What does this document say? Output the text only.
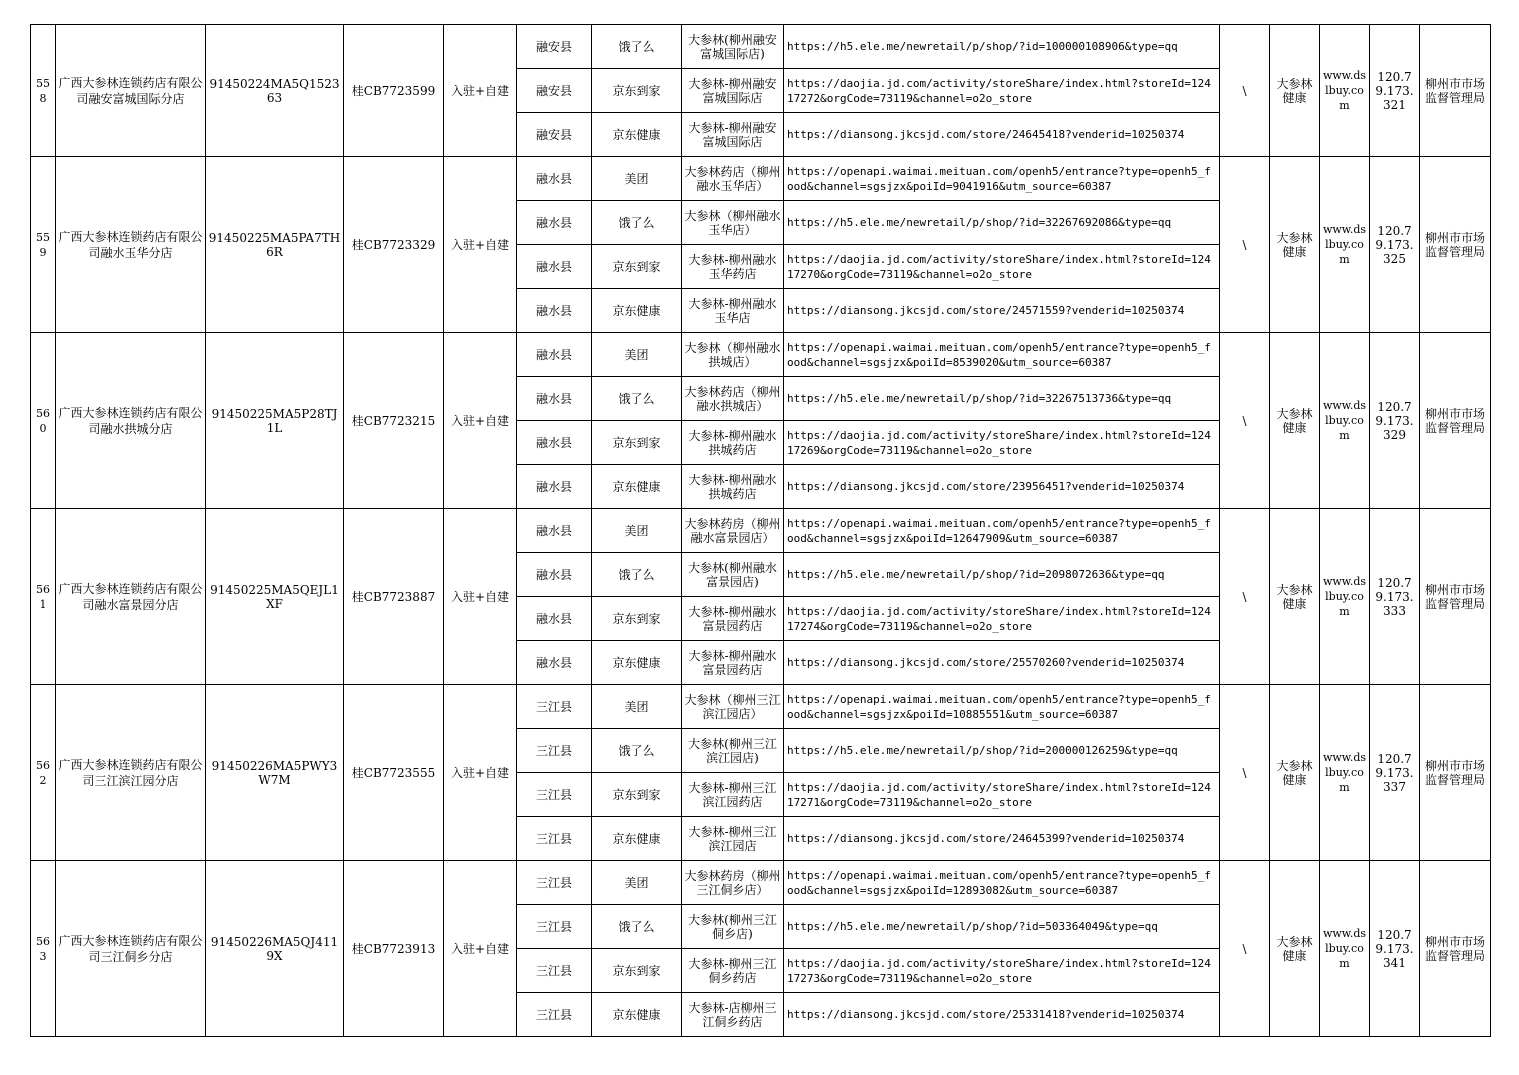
558	广西大参林连锁药店有限公司融安富城国际分店	91450224MA5Q152363	桂CB7723599	入驻+自建	融安县	饿了么	大参林(柳州融安富城国际店)	https://h5.ele.me/newretail/p/shop/?id=100000108906&type=qq	\	大参林健康	www.dslbuy.com	120.79.173.321	柳州市市场监督管理局
					融安县	京东到家	大参林-柳州融安富城国际店	https://daojia.jd.com/activity/storeShare/index.html?storeId=12417272&orgCode=73119&channel=o2o_store					
					融安县	京东健康	大参林-柳州融安富城国际店	https://diansong.jkcsjd.com/store/24645418?venderid=10250374					
559	广西大参林连锁药店有限公司融水玉华分店	91450225MA5PA7TH6R	桂CB7723329	入驻+自建	融水县	美团	大参林药店（柳州融水玉华店）	https://openapi.waimai.meituan.com/openh5/entrance?type=openh5_food&channel=sgsjzx&poiId=9041916&utm_source=60387	\	大参林健康	www.dslbuy.com	120.79.173.325	柳州市市场监督管理局
					融水县	饿了么	大参林（柳州融水玉华店）	https://h5.ele.me/newretail/p/shop/?id=32267692086&type=qq					
					融水县	京东到家	大参林-柳州融水玉华药店	https://daojia.jd.com/activity/storeShare/index.html?storeId=12417270&orgCode=73119&channel=o2o_store					
					融水县	京东健康	大参林-柳州融水玉华店	https://diansong.jkcsjd.com/store/24571559?venderid=10250374					
560	广西大参林连锁药店有限公司融水拱城分店	91450225MA5P28TJ1L	桂CB7723215	入驻+自建	融水县	美团	大参林（柳州融水拱城店）	https://openapi.waimai.meituan.com/openh5/entrance?type=openh5_food&channel=sgsjzx&poiId=8539020&utm_source=60387	\	大参林健康	www.dslbuy.com	120.79.173.329	柳州市市场监督管理局
					融水县	饿了么	大参林药店（柳州融水拱城店）	https://h5.ele.me/newretail/p/shop/?id=32267513736&type=qq					
					融水县	京东到家	大参林-柳州融水拱城药店	https://daojia.jd.com/activity/storeShare/index.html?storeId=12417269&orgCode=73119&channel=o2o_store					
					融水县	京东健康	大参林-柳州融水拱城药店	https://diansong.jkcsjd.com/store/23956451?venderid=10250374					
561	广西大参林连锁药店有限公司融水富景园分店	91450225MA5QEJL1XF	桂CB7723887	入驻+自建	融水县	美团	大参林药房（柳州融水富景园店）	https://openapi.waimai.meituan.com/openh5/entrance?type=openh5_food&channel=sgsjzx&poiId=12647909&utm_source=60387	\	大参林健康	www.dslbuy.com	120.79.173.333	柳州市市场监督管理局
					融水县	饿了么	大参林(柳州融水富景园店)	https://h5.ele.me/newretail/p/shop/?id=2098072636&type=qq					
					融水县	京东到家	大参林-柳州融水富景园药店	https://daojia.jd.com/activity/storeShare/index.html?storeId=12417274&orgCode=73119&channel=o2o_store					
					融水县	京东健康	大参林-柳州融水富景园药店	https://diansong.jkcsjd.com/store/25570260?venderid=10250374					
562	广西大参林连锁药店有限公司三江滨江园分店	91450226MA5PWY3W7M	桂CB7723555	入驻+自建	三江县	美团	大参林（柳州三江滨江园店）	https://openapi.waimai.meituan.com/openh5/entrance?type=openh5_food&channel=sgsjzx&poiId=10885551&utm_source=60387	\	大参林健康	www.dslbuy.com	120.79.173.337	柳州市市场监督管理局
					三江县	饿了么	大参林(柳州三江滨江园店)	https://h5.ele.me/newretail/p/shop/?id=200000126259&type=qq					
					三江县	京东到家	大参林-柳州三江滨江园药店	https://daojia.jd.com/activity/storeShare/index.html?storeId=12417271&orgCode=73119&channel=o2o_store					
					三江县	京东健康	大参林-柳州三江滨江园店	https://diansong.jkcsjd.com/store/24645399?venderid=10250374					
563	广西大参林连锁药店有限公司三江侗乡分店	91450226MA5QJ4119X	桂CB7723913	入驻+自建	三江县	美团	大参林药房（柳州三江侗乡店）	https://openapi.waimai.meituan.com/openh5/entrance?type=openh5_food&channel=sgsjzx&poiId=12893082&utm_source=60387	\	大参林健康	www.dslbuy.com	120.79.173.341	柳州市市场监督管理局
					三江县	饿了么	大参林(柳州三江侗乡店)	https://h5.ele.me/newretail/p/shop/?id=503364049&type=qq					
					三江县	京东到家	大参林-柳州三江侗乡药店	https://daojia.jd.com/activity/storeShare/index.html?storeId=12417273&orgCode=73119&channel=o2o_store					
					三江县	京东健康	大参林-店柳州三江侗乡药店	https://diansong.jkcsjd.com/store/25331418?venderid=10250374					
